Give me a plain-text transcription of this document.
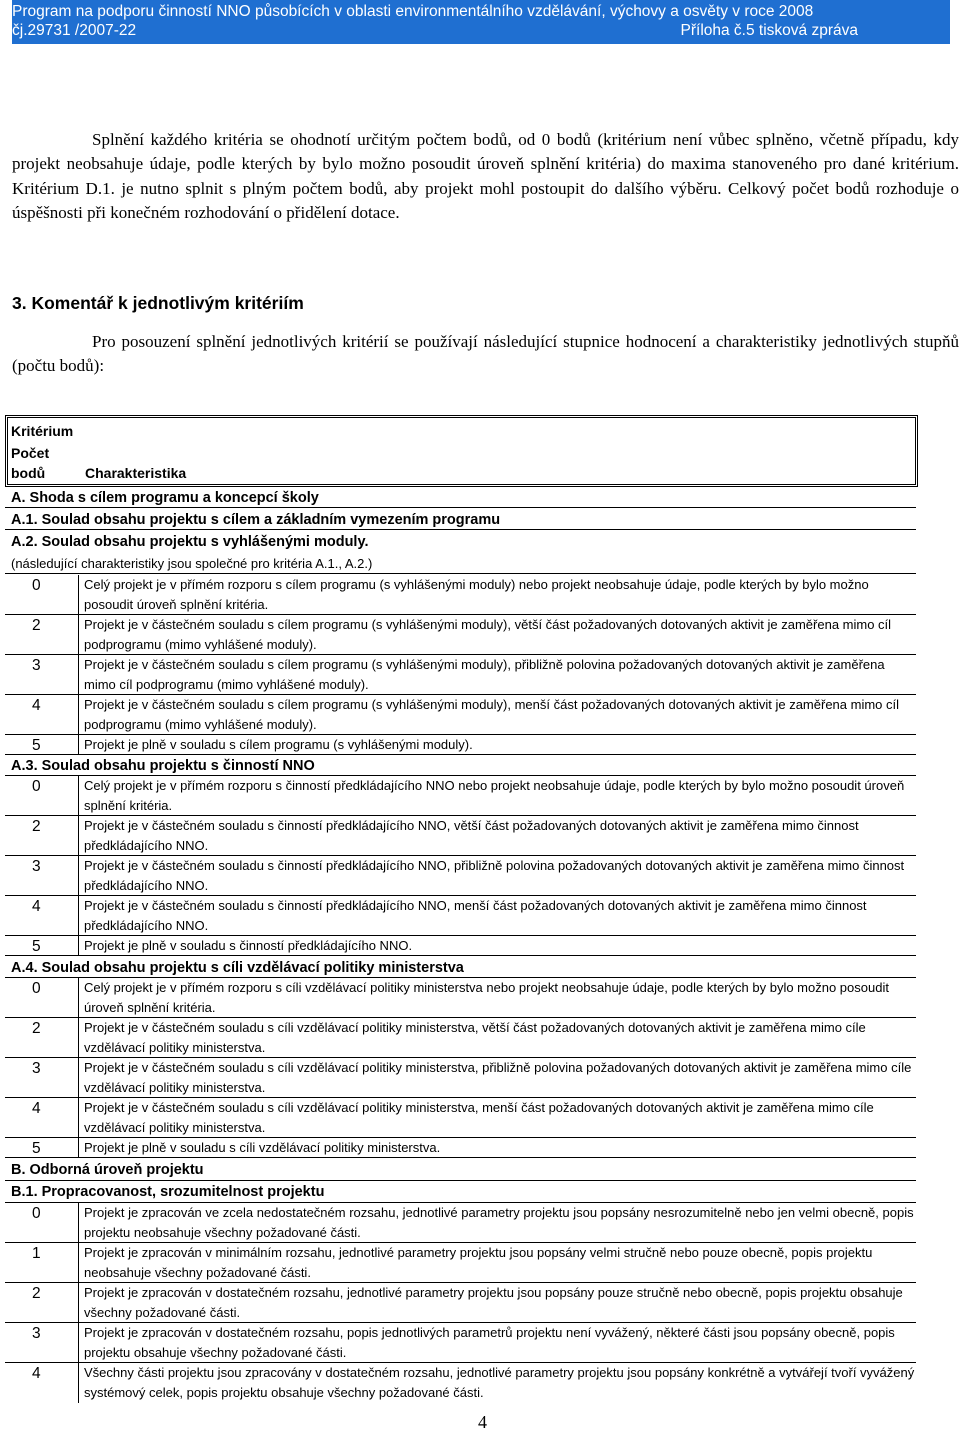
Program na podporu činností NNO působících v oblasti environmentálního vzdělávání, výchovy a osvěty v roce 2008
čj.29731 /2007-22	Příloha č.5 tisková zpráva
Splnění každého kritéria se ohodnotí určitým počtem bodů, od 0 bodů (kritérium není vůbec splněno, včetně případu, kdy projekt neobsahuje údaje, podle kterých by bylo možno posoudit úroveň splnění kritéria) do maxima stanoveného pro dané kritérium. Kritérium D.1. je nutno splnit s plným počtem bodů, aby projekt mohl postoupit do dalšího výběru. Celkový počet bodů rozhoduje o úspěšnosti při konečném rozhodování o přidělení dotace.
3. Komentář k jednotlivým kritériím
Pro posouzení splnění jednotlivých kritérií se používají následující stupnice hodnocení a charakteristiky jednotlivých stupňů (počtu bodů):
Kritérium
Počet
bodů	Charakteristika
A. Shoda s cílem programu a koncepcí školy
A.1. Soulad obsahu projektu s cílem a základním vymezením programu
A.2. Soulad obsahu projektu s vyhlášenými moduly.
(následující charakteristiky jsou společné pro kritéria A.1., A.2.)
0	Celý projekt je v přímém rozporu s cílem programu (s vyhlášenými moduly) nebo projekt neobsahuje údaje, podle kterých by bylo možno posoudit úroveň splnění kritéria.
2	Projekt je v částečném souladu s cílem programu (s vyhlášenými moduly), větší část požadovaných dotovaných aktivit je zaměřena mimo cíl podprogramu (mimo vyhlášené moduly).
3	Projekt je v částečném souladu s cílem programu (s vyhlášenými moduly), přibližně polovina požadovaných dotovaných aktivit je zaměřena mimo cíl podprogramu (mimo vyhlášené moduly).
4	Projekt je v částečném souladu s cílem programu (s vyhlášenými moduly), menší část požadovaných dotovaných aktivit je zaměřena mimo cíl podprogramu (mimo vyhlášené moduly).
5	Projekt je plně v souladu s cílem programu (s vyhlášenými moduly).
A.3. Soulad obsahu projektu s činností NNO
0	Celý projekt je v přímém rozporu s činností předkládajícího NNO nebo projekt neobsahuje údaje, podle kterých by bylo možno posoudit úroveň splnění kritéria.
2	Projekt je v částečném souladu s činností předkládajícího NNO, větší část požadovaných dotovaných aktivit je zaměřena mimo činnost předkládajícího NNO.
3	Projekt je v částečném souladu s činností předkládajícího NNO, přibližně polovina požadovaných dotovaných aktivit je zaměřena mimo činnost předkládajícího NNO.
4	Projekt je v částečném souladu s činností předkládajícího NNO, menší část požadovaných dotovaných aktivit je zaměřena mimo činnost předkládajícího NNO.
5	Projekt je plně v souladu s činností předkládajícího NNO.
A.4. Soulad obsahu projektu s cíli vzdělávací politiky ministerstva
0	Celý projekt je v přímém rozporu s cíli vzdělávací politiky ministerstva nebo projekt neobsahuje údaje, podle kterých by bylo možno posoudit úroveň splnění kritéria.
2	Projekt je v částečném souladu s cíli vzdělávací politiky ministerstva, větší část požadovaných dotovaných aktivit je zaměřena mimo cíle vzdělávací politiky ministerstva.
3	Projekt je v částečném souladu s cíli vzdělávací politiky ministerstva, přibližně polovina požadovaných dotovaných aktivit je zaměřena mimo cíle vzdělávací politiky ministerstva.
4	Projekt je v částečném souladu s cíli vzdělávací politiky ministerstva, menší část požadovaných dotovaných aktivit je zaměřena mimo cíle vzdělávací politiky ministerstva.
5	Projekt je plně v souladu s cíli vzdělávací politiky ministerstva.
B. Odborná úroveň projektu
B.1. Propracovanost, srozumitelnost projektu
0	Projekt je zpracován ve zcela nedostatečném rozsahu, jednotlivé parametry projektu jsou popsány nesrozumitelně nebo jen velmi obecně, popis projektu neobsahuje všechny požadované části.
1	Projekt je zpracován v minimálním rozsahu, jednotlivé parametry projektu jsou popsány velmi stručně nebo pouze obecně, popis projektu neobsahuje všechny požadované části.
2	Projekt je zpracován v dostatečném rozsahu, jednotlivé parametry projektu jsou popsány pouze stručně nebo obecně, popis projektu obsahuje všechny požadované části.
3	Projekt je zpracován v dostatečném rozsahu, popis jednotlivých parametrů projektu není vyvážený, některé části jsou popsány obecně, popis projektu obsahuje všechny požadované části.
4	Všechny části projektu jsou zpracovány v dostatečném rozsahu, jednotlivé parametry projektu jsou popsány konkrétně a vytvářejí tvoří vyvážený systémový celek, popis projektu obsahuje všechny požadované části.
4
